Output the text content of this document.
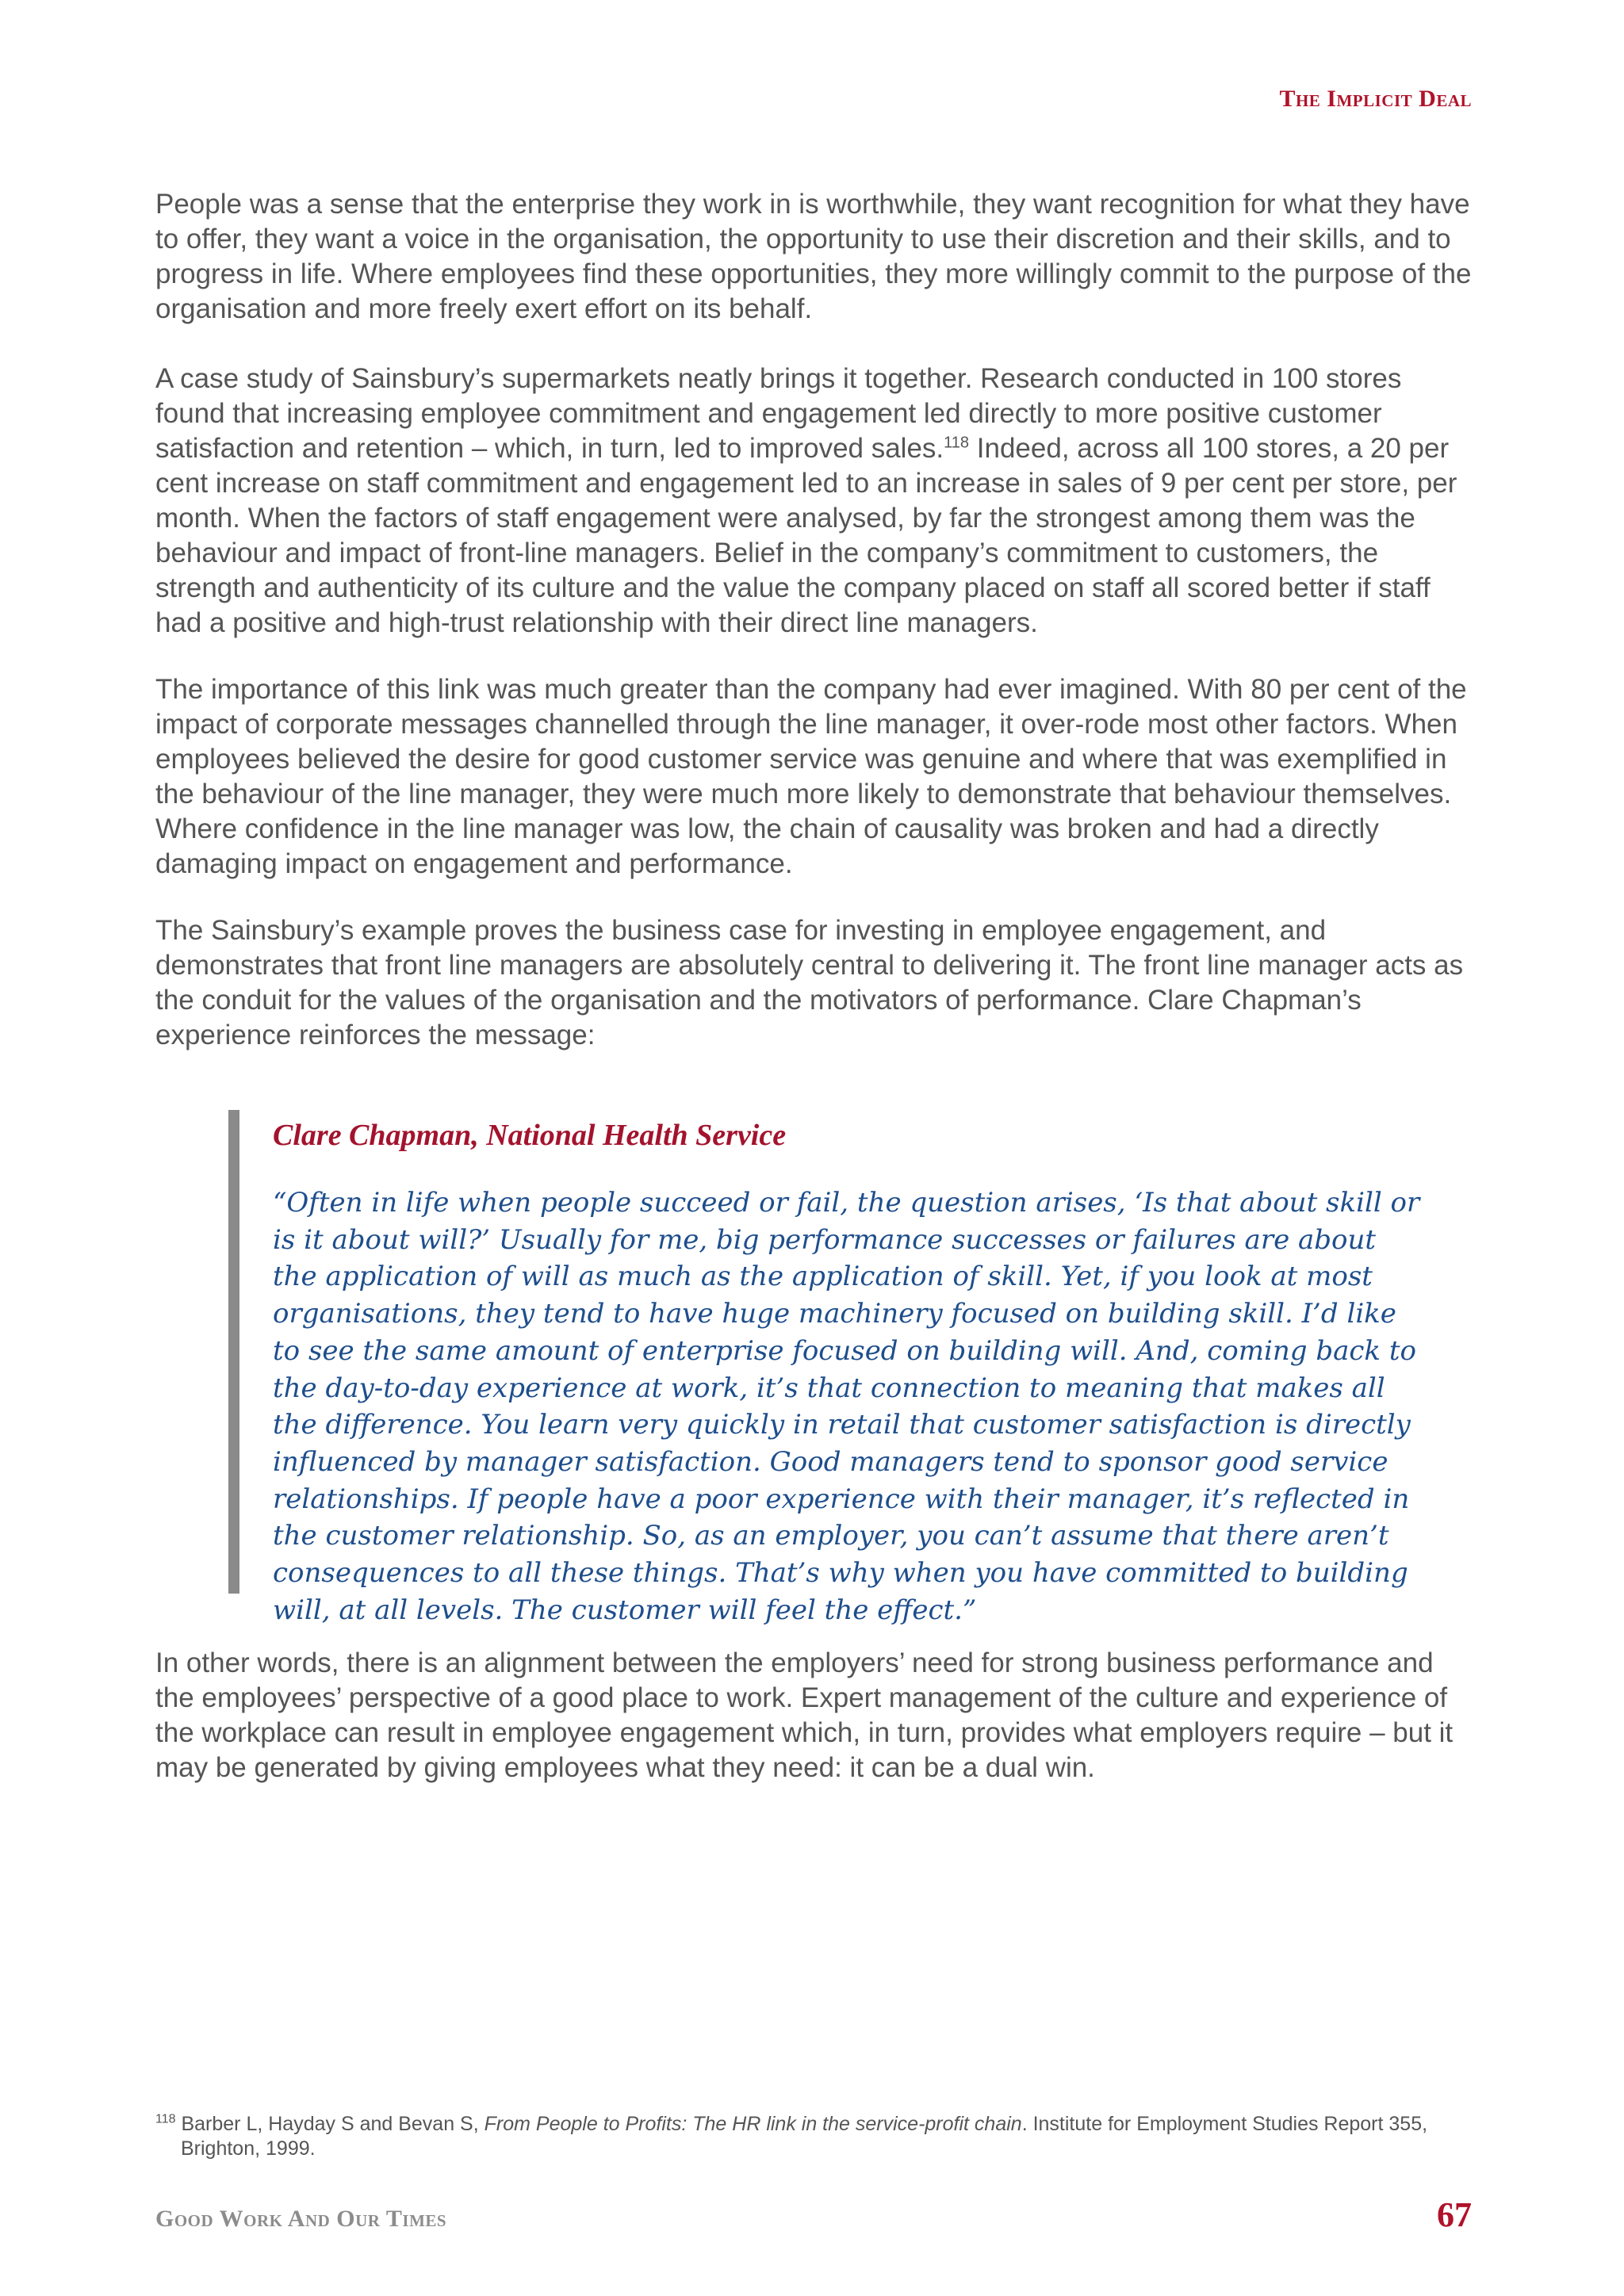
The Implicit Deal

People was a sense that the enterprise they work in is worthwhile, they want recognition for what they have to offer, they want a voice in the organisation, the opportunity to use their discretion and their skills, and to progress in life. Where employees find these opportunities, they more willingly commit to the purpose of the organisation and more freely exert effort on its behalf.

A case study of Sainsbury’s supermarkets neatly brings it together. Research conducted in 100 stores found that increasing employee commitment and engagement led directly to more positive customer satisfaction and retention – which, in turn, led to improved sales.$^{118}$ Indeed, across all 100 stores, a 20 per cent increase on staff commitment and engagement led to an increase in sales of 9 per cent per store, per month. When the factors of staff engagement were analysed, by far the strongest among them was the behaviour and impact of front-line managers. Belief in the company’s commitment to customers, the strength and authenticity of its culture and the value the company placed on staff all scored better if staff had a positive and high-trust relationship with their direct line managers.

The importance of this link was much greater than the company had ever imagined. With 80 per cent of the impact of corporate messages channelled through the line manager, it over-rode most other factors. When employees believed the desire for good customer service was genuine and where that was exemplified in the behaviour of the line manager, they were much more likely to demonstrate that behaviour themselves. Where confidence in the line manager was low, the chain of causality was broken and had a directly damaging impact on engagement and performance.

The Sainsbury’s example proves the business case for investing in employee engagement, and demonstrates that front line managers are absolutely central to delivering it. The front line manager acts as the conduit for the values of the organisation and the motivators of performance. Clare Chapman’s experience reinforces the message:

Clare Chapman, National Health Service

“Often in life when people succeed or fail, the question arises, ‘Is that about skill or is it about will?’ Usually for me, big performance successes or failures are about the application of will as much as the application of skill. Yet, if you look at most organisations, they tend to have huge machinery focused on building skill. I’d like to see the same amount of enterprise focused on building will. And, coming back to the day-to-day experience at work, it’s that connection to meaning that makes all the difference. You learn very quickly in retail that customer satisfaction is directly influenced by manager satisfaction. Good managers tend to sponsor good service relationships. If people have a poor experience with their manager, it’s reflected in the customer relationship. So, as an employer, you can’t assume that there aren’t consequences to all these things. That’s why when you have committed to building will, at all levels. The customer will feel the effect.”

In other words, there is an alignment between the employers’ need for strong business performance and the employees’ perspective of a good place to work. Expert management of the culture and experience of the workplace can result in employee engagement which, in turn, provides what employers require – but it may be generated by giving employees what they need: it can be a dual win.

$^{118}$ Barber L, Hayday S and Bevan S, From People to Profits: The HR link in the service-profit chain. Institute for Employment Studies Report 355, Brighton, 1999.

Good Work And Our Times	67
